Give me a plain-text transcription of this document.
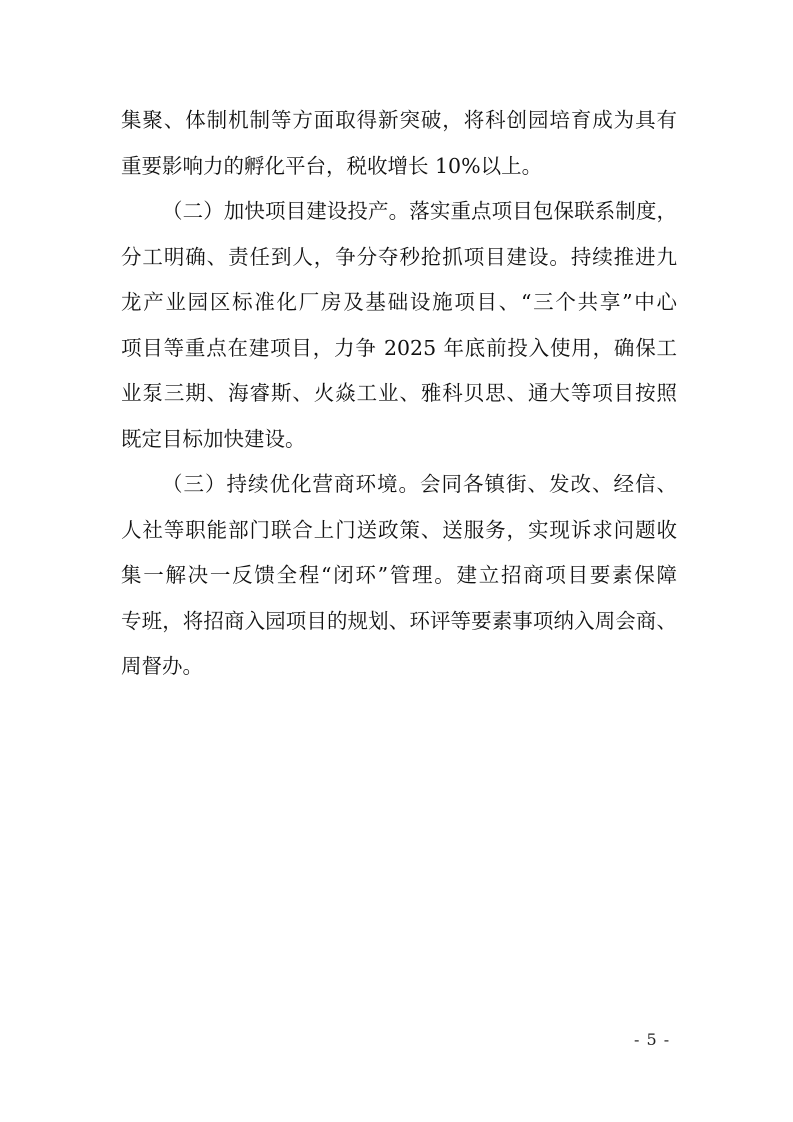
集聚、体制机制等方面取得新突破，将科创园培育成为具有
重要影响力的孵化平台，税收增长 10%以上。
（二）加快项目建设投产。落实重点项目包保联系制度，
分工明确、责任到人，争分夺秒抢抓项目建设。持续推进九
龙产业园区标准化厂房及基础设施项目、“三个共享”中心
项目等重点在建项目，力争 2025 年底前投入使用，确保工
业泵三期、海睿斯、火焱工业、雅科贝思、通大等项目按照
既定目标加快建设。
（三）持续优化营商环境。会同各镇街、发改、经信、
人社等职能部门联合上门送政策、送服务，实现诉求问题收
集一解决一反馈全程“闭环”管理。建立招商项目要素保障
专班，将招商入园项目的规划、环评等要素事项纳入周会商、
周督办。
- 5 -
